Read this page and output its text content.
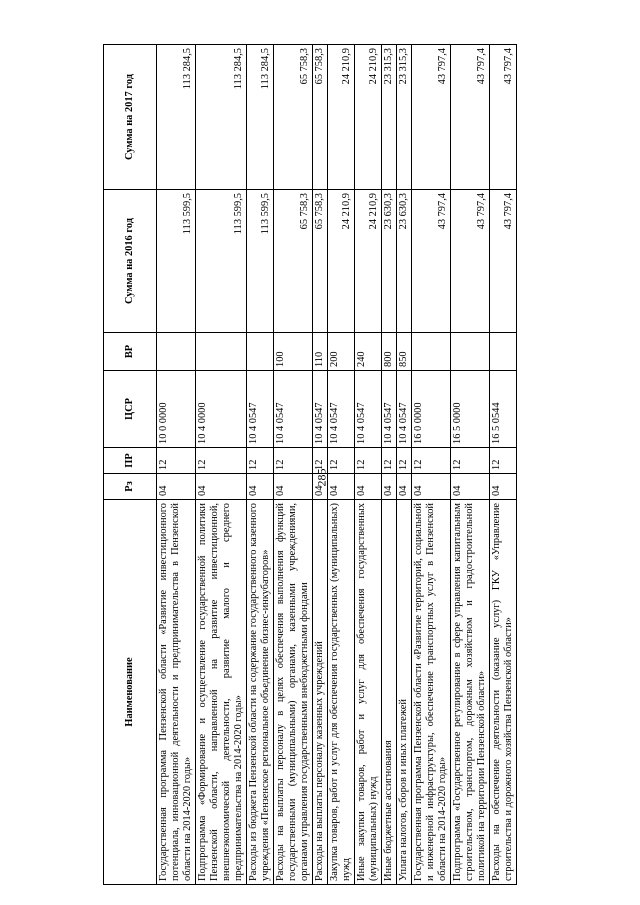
285
Наименование	Рз	ПР	ЦСР	ВР	Сумма на 2016 год	Сумма на 2017 год
Государственная программа Пензенской области «Развитие инвестиционного потенциала, инновационной деятельности и предпринимательства в Пензенской области на 2014-2020 годы»	04	12	10 0 0000		113 599,5	113 284,5
Подпрограмма «Формирование и осуществление государственной политики Пензенской области, направленной на развитие инвестиционной, внешнеэкономической деятельности, развитие малого и среднего предпринимательства на 2014-2020 годы»	04	12	10 4 0000		113 599,5	113 284,5
Расходы из бюджета Пензенской области на содержание государственного казенного учреждения «Пензенское региональное объединение бизнес-инкубаторов»	04	12	10 4 0547		113 599,5	113 284,5
Расходы на выплаты персоналу в целях обеспечения выполнения функций государственными (муниципальными) органами, казенными учреждениями, органами управления государственными внебюджетными фондами	04	12	10 4 0547	100	65 758,3	65 758,3
Расходы на выплаты персоналу казенных учреждений	04	12	10 4 0547	110	65 758,3	65 758,3
Закупка товаров, работ и услуг для обеспечения государственных (муниципальных) нужд	04	12	10 4 0547	200	24 210,9	24 210,9
Иные закупки товаров, работ и услуг для обеспечения государственных (муниципальных) нужд	04	12	10 4 0547	240	24 210,9	24 210,9
Иные бюджетные ассигнования	04	12	10 4 0547	800	23 630,3	23 315,3
Уплата налогов, сборов и иных платежей	04	12	10 4 0547	850	23 630,3	23 315,3
Государственная программа Пензенской области «Развитие территорий, социальной и инженерной инфраструктуры, обеспечение транспортных услуг в Пензенской области на 2014-2020 годы»	04	12	16 0 0000		43 797,4	43 797,4
Подпрограмма «Государственное регулирование в сфере управления капитальным строительством, транспортом, дорожным хозяйством и градостроительной политикой на территории Пензенской области»	04	12	16 5 0000		43 797,4	43 797,4
Расходы на обеспечение деятельности (оказание услуг) ГКУ «Управление строительства и дорожного хозяйства Пензенской области»	04	12	16 5 0544		43 797,4	43 797,4
